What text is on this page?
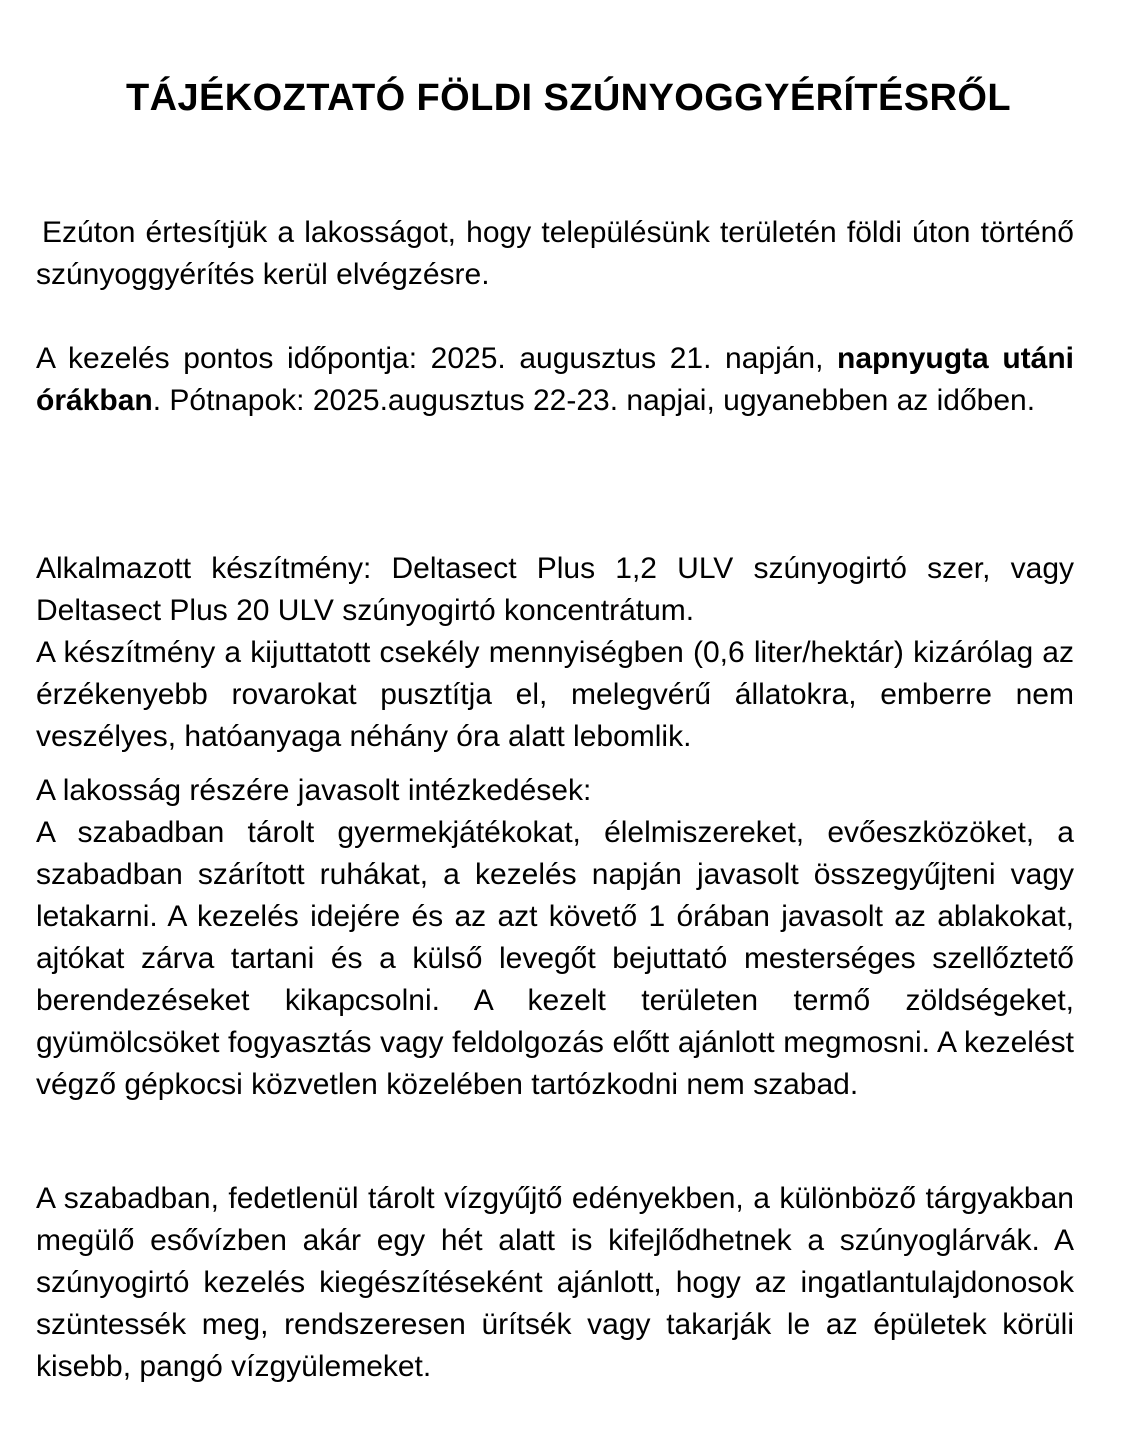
TÁJÉKOZTATÓ FÖLDI SZÚNYOGGYÉRÍTÉSRŐL

Ezúton értesítjük a lakosságot, hogy településünk területén földi úton történő szúnyoggyérítés kerül elvégzésre.

A kezelés pontos időpontja: 2025. augusztus 21. napján, napnyugta utáni órákban. Pótnapok: 2025.augusztus 22-23. napjai, ugyanebben az időben.

Alkalmazott készítmény: Deltasect Plus 1,2 ULV szúnyogirtó szer, vagy Deltasect Plus 20 ULV szúnyogirtó koncentrátum.

A készítmény a kijuttatott csekély mennyiségben (0,6 liter/hektár) kizárólag az érzékenyebb rovarokat pusztítja el, melegvérű állatokra, emberre nem veszélyes, hatóanyaga néhány óra alatt lebomlik.

A lakosság részére javasolt intézkedések:
A szabadban tárolt gyermekjátékokat, élelmiszereket, evőeszközöket, a szabadban szárított ruhákat, a kezelés napján javasolt összegyűjteni vagy letakarni. A kezelés idejére és az azt követő 1 órában javasolt az ablakokat, ajtókat zárva tartani és a külső levegőt bejuttató mesterséges szellőztető berendezéseket kikapcsolni. A kezelt területen termő zöldségeket, gyümölcsöket fogyasztás vagy feldolgozás előtt ajánlott megmosni. A kezelést végző gépkocsi közvetlen közelében tartózkodni nem szabad.

A szabadban, fedetlenül tárolt vízgyűjtő edényekben, a különböző tárgyakban megülő esővízben akár egy hét alatt is kifejlődhetnek a szúnyoglárvák. A szúnyogirtó kezelés kiegészítéseként ajánlott, hogy az ingatlantulajdonosok szüntessék meg, rendszeresen ürítsék vagy takarják le az épületek körüli kisebb, pangó vízgyülemeket.
